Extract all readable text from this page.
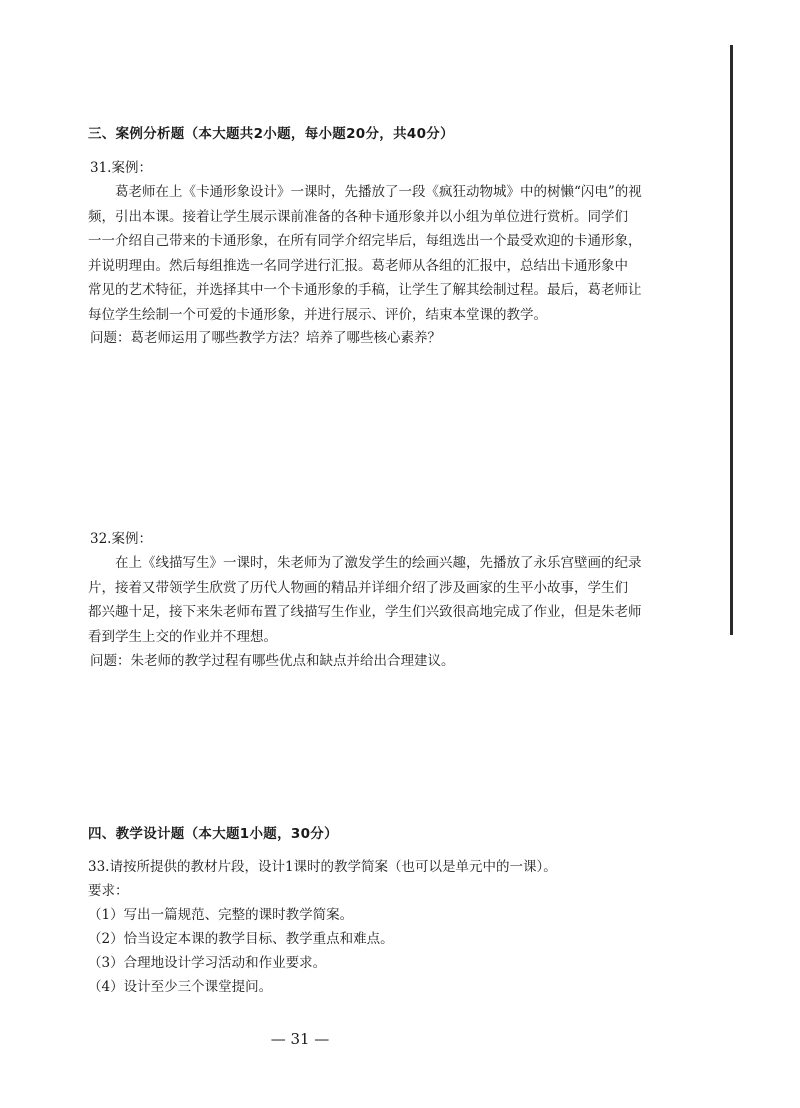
三、案例分析题（本大题共2小题，每小题20分，共40分）
31.案例：
葛老师在上《卡通形象设计》一课时，先播放了一段《疯狂动物城》中的树懒“闪电”的视
频，引出本课。接着让学生展示课前准备的各种卡通形象并以小组为单位进行赏析。同学们
一一介绍自己带来的卡通形象，在所有同学介绍完毕后，每组选出一个最受欢迎的卡通形象，
并说明理由。然后每组推选一名同学进行汇报。葛老师从各组的汇报中，总结出卡通形象中
常见的艺术特征，并选择其中一个卡通形象的手稿，让学生了解其绘制过程。最后，葛老师让
每位学生绘制一个可爱的卡通形象，并进行展示、评价，结束本堂课的教学。
问题：葛老师运用了哪些教学方法？培养了哪些核心素养？
32.案例：
在上《线描写生》一课时，朱老师为了激发学生的绘画兴趣，先播放了永乐宫壁画的纪录
片，接着又带领学生欣赏了历代人物画的精品并详细介绍了涉及画家的生平小故事，学生们
都兴趣十足，接下来朱老师布置了线描写生作业，学生们兴致很高地完成了作业，但是朱老师
看到学生上交的作业并不理想。
问题：朱老师的教学过程有哪些优点和缺点并给出合理建议。
四、教学设计题（本大题1小题，30分）
33.请按所提供的教材片段，设计1课时的教学简案（也可以是单元中的一课）。
要求：
（1）写出一篇规范、完整的课时教学简案。
（2）恰当设定本课的教学目标、教学重点和难点。
（3）合理地设计学习活动和作业要求。
（4）设计至少三个课堂提问。
— 31 —
